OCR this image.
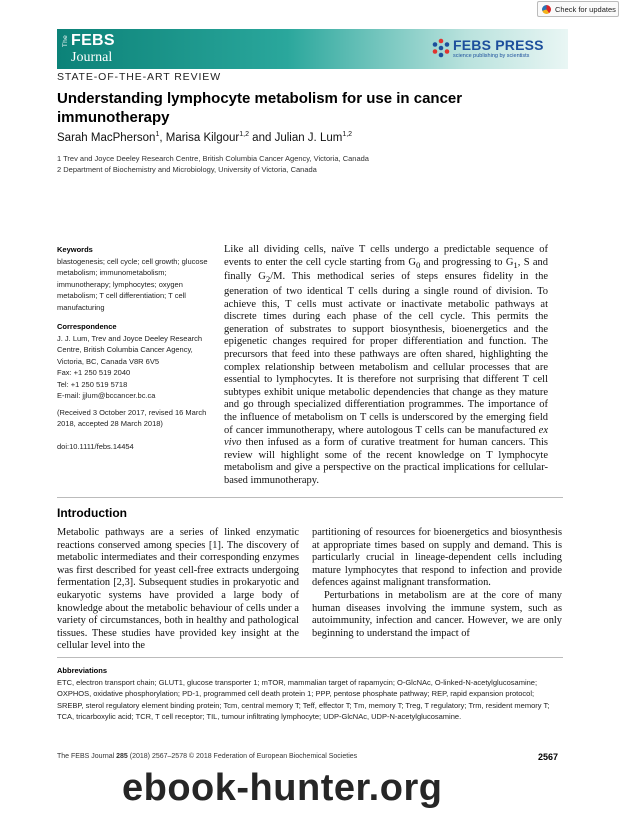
Check for updates
The FEBS
Journal
FEBS PRESS
science publishing by scientists
STATE-OF-THE-ART REVIEW
Understanding lymphocyte metabolism for use in cancer immunotherapy
Sarah MacPherson$^1$, Marisa Kilgour$^{1,2}$ and Julian J. Lum$^{1,2}$
1 Trev and Joyce Deeley Research Centre, British Columbia Cancer Agency, Victoria, Canada
2 Department of Biochemistry and Microbiology, University of Victoria, Canada
Keywords
blastogenesis; cell cycle; cell growth; glucose metabolism; immunometabolism; immunotherapy; lymphocytes; oxygen metabolism; T cell differentiation; T cell manufacturing
Correspondence
J. J. Lum, Trev and Joyce Deeley Research
Centre, British Columbia Cancer Agency,
Victoria, BC, Canada V8R 6V5
Fax: +1 250 519 2040
Tel: +1 250 519 5718
E-mail: jjlum@bccancer.bc.ca
(Received 3 October 2017, revised 16 March 2018, accepted 28 March 2018)
doi:10.1111/febs.14454
Like all dividing cells, naïve T cells undergo a predictable sequence of events to enter the cell cycle starting from $G_0$ and progressing to $G_1$, S and finally $G_2/M$. This methodical series of steps ensures fidelity in the generation of two identical T cells during a single round of division. To achieve this, T cells must activate or inactivate metabolic pathways at discrete times during each phase of the cell cycle. This permits the generation of substrates to support biosynthesis, bioenergetics and the epigenetic changes required for proper differentiation and function. The precursors that feed into these pathways are often shared, highlighting the complex relationship between metabolism and cellular processes that are essential to lymphocytes. It is therefore not surprising that different T cell subtypes exhibit unique metabolic dependencies that change as they mature and go through specialized differentiation programmes. The importance of the influence of metabolism on T cells is underscored by the emerging field of cancer immunotherapy, where autologous T cells can be manufactured ex vivo then infused as a form of curative treatment for human cancers. This review will highlight some of the recent knowledge on T lymphocyte metabolism and give a perspective on the practical implications for cellular-based immunotherapy.
Introduction

Metabolic pathways are a series of linked enzymatic reactions conserved among species [1]. The discovery of metabolic intermediates and their corresponding enzymes was first described for yeast cell-free extracts undergoing fermentation [2,3]. Subsequent studies in prokaryotic and eukaryotic systems have provided a large body of knowledge about the metabolic behaviour of cells under a variety of circumstances, both in healthy and pathological tissues. These studies have provided key insight at the cellular level into the

partitioning of resources for bioenergetics and biosynthesis at appropriate times based on supply and demand. This is particularly crucial in lineage-dependent cells including mature lymphocytes that respond to infection and provide defences against malignant transformation.

Perturbations in metabolism are at the core of many human diseases involving the immune system, such as autoimmunity, infection and cancer. However, we are only beginning to understand the impact of

Abbreviations
ETC, electron transport chain; GLUT1, glucose transporter 1; mTOR, mammalian target of rapamycin; O-GlcNAc, O-linked-N-acetylglucosamine; OXPHOS, oxidative phosphorylation; PD-1, programmed cell death protein 1; PPP, pentose phosphate pathway; REP, rapid expansion protocol; SREBP, sterol regulatory element binding protein; Tcm, central memory T; Teff, effector T; Tm, memory T; Treg, T regulatory; Trm, resident memory T; TCA, tricarboxylic acid; TCR, T cell receptor; TIL, tumour infiltrating lymphocyte; UDP-GlcNAc, UDP-N-acetylglucosamine.
The FEBS Journal 285 (2018) 2567–2578 © 2018 Federation of European Biochemical Societies	2567
ebook-hunter.org
